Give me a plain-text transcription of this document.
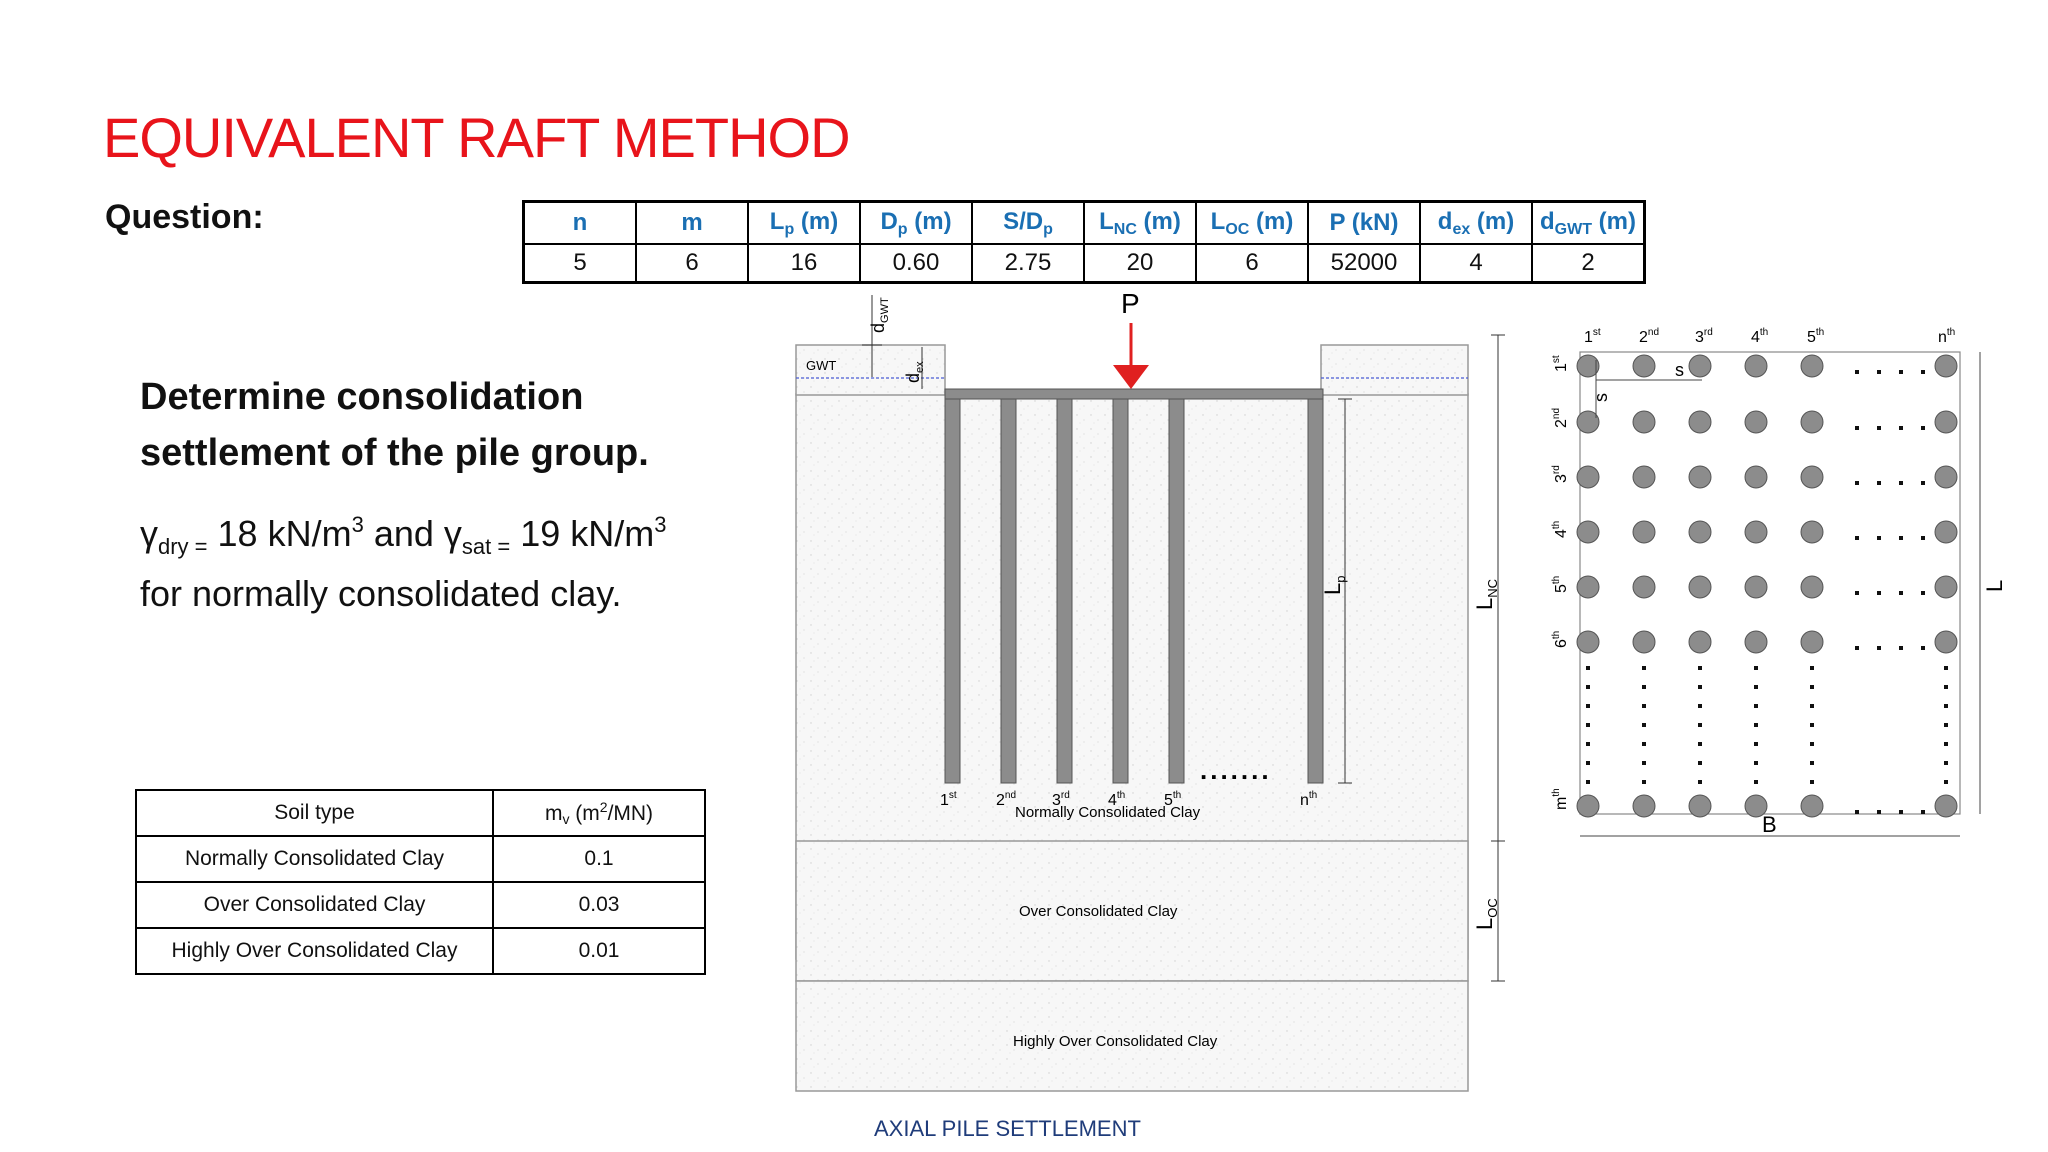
EQUIVALENT RAFT METHOD
Question:	n	m	$L_p$ (m)	$D_p$ (m)	$S/D_p$	$L_{NC}$ (m)	$L_{OC}$ (m)	P (kN)	$d_{ex}$ (m)	$d_{GWT}$ (m)
5	6	16	0.60	2.75	20	6	52000	4	2
Determine consolidation
settlement of the pile group.
$\gamma_{dry =}$ 18 $kN/m^3$ and $\gamma_{sat =}$ 19 $kN/m^3$
for normally consolidated clay.
Soil type	mv $(m^2/MN)$
Normally Consolidated Clay	0.1
Over Consolidated Clay	0.03
Highly Over Consolidated Clay	0.01
GWT
.......
P
$d_{GWT}$
$d_{ex}$
$L_p$
$L_{NC}$
$L_{OC}$
1st 2nd 3rd 4th 5th	$n^{th}$
Normally Consolidated Clay
Over Consolidated Clay
Highly Over Consolidated Clay
1st 2nd 3rd 4th 5th	$n^{th}$
1st
2nd
3rd
4th
5th
6th
$m^{th}$
s
s
B
L
AXIAL PILE SETTLEMENT
